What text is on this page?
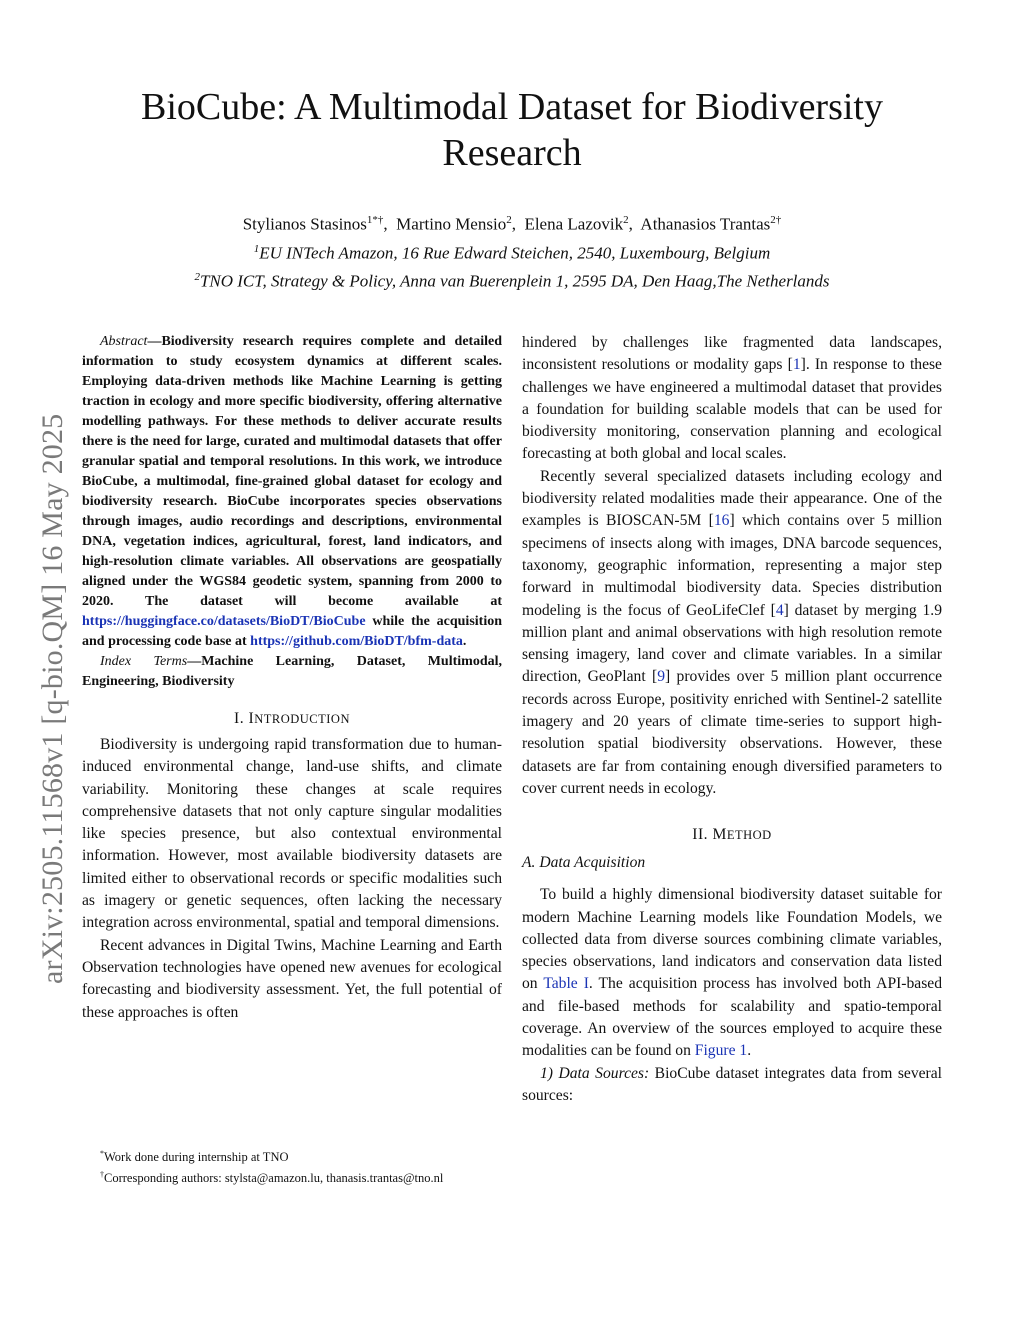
arXiv:2505.11568v1 [q-bio.QM] 16 May 2025
BioCube: A Multimodal Dataset for Biodiversity Research
Stylianos Stasinos$^{1*\dagger}$,  Martino Mensio$^2$,  Elena Lazovik$^2$,  Athanasios Trantas$^{2\dagger}$
$^1$EU INTech Amazon, 16 Rue Edward Steichen, 2540, Luxembourg, Belgium
$^2$TNO ICT, Strategy & Policy, Anna van Buerenplein 1, 2595 DA, Den Haag,The Netherlands

Abstract—Biodiversity research requires complete and detailed information to study ecosystem dynamics at different scales. Employing data-driven methods like Machine Learning is getting traction in ecology and more specific biodiversity, offering alternative modelling pathways. For these methods to deliver accurate results there is the need for large, curated and multimodal datasets that offer granular spatial and temporal resolutions. In this work, we introduce BioCube, a multimodal, fine-grained global dataset for ecology and biodiversity research. BioCube incorporates species observations through images, audio recordings and descriptions, environmental DNA, vegetation indices, agricultural, forest, land indicators, and high-resolution climate variables. All observations are geospatially aligned under the WGS84 geodetic system, spanning from 2000 to 2020. The dataset will become available at https://huggingface.co/datasets/BioDT/BioCube while the acquisition and processing code base at https://github.com/BioDT/bfm-data.

Index Terms—Machine Learning, Dataset, Multimodal, Engineering, Biodiversity

I. INTRODUCTION

Biodiversity is undergoing rapid transformation due to human-induced environmental change, land-use shifts, and climate variability. Monitoring these changes at scale requires comprehensive datasets that not only capture singular modalities like species presence, but also contextual environmental information. However, most available biodiversity datasets are limited either to observational records or specific modalities such as imagery or genetic sequences, often lacking the necessary integration across environmental, spatial and temporal dimensions.

Recent advances in Digital Twins, Machine Learning and Earth Observation technologies have opened new avenues for ecological forecasting and biodiversity assessment. Yet, the full potential of these approaches is often

*Work done during internship at TNO

†Corresponding authors: stylsta@amazon.lu, thanasis.trantas@tno.nl

hindered by challenges like fragmented data landscapes, inconsistent resolutions or modality gaps [1]. In response to these challenges we have engineered a multimodal dataset that provides a foundation for building scalable models that can be used for biodiversity monitoring, conservation planning and ecological forecasting at both global and local scales.

Recently several specialized datasets including ecology and biodiversity related modalities made their appearance. One of the examples is BIOSCAN-5M [16] which contains over 5 million specimens of insects along with images, DNA barcode sequences, taxonomy, geographic information, representing a major step forward in multimodal biodiversity data. Species distribution modeling is the focus of GeoLifeClef [4] dataset by merging 1.9 million plant and animal observations with high resolution remote sensing imagery, land cover and climate variables. In a similar direction, GeoPlant [9] provides over 5 million plant occurrence records across Europe, positivity enriched with Sentinel-2 satellite imagery and 20 years of climate time-series to support high-resolution spatial biodiversity observations. However, these datasets are far from containing enough diversified parameters to cover current needs in ecology.

II. METHOD
A. Data Acquisition

To build a highly dimensional biodiversity dataset suitable for modern Machine Learning models like Foundation Models, we collected data from diverse sources combining climate variables, species observations, land indicators and conservation data listed on Table I. The acquisition process has involved both API-based and file-based methods for scalability and spatio-temporal coverage. An overview of the sources employed to acquire these modalities can be found on Figure 1.

1) Data Sources: BioCube dataset integrates data from several sources:
